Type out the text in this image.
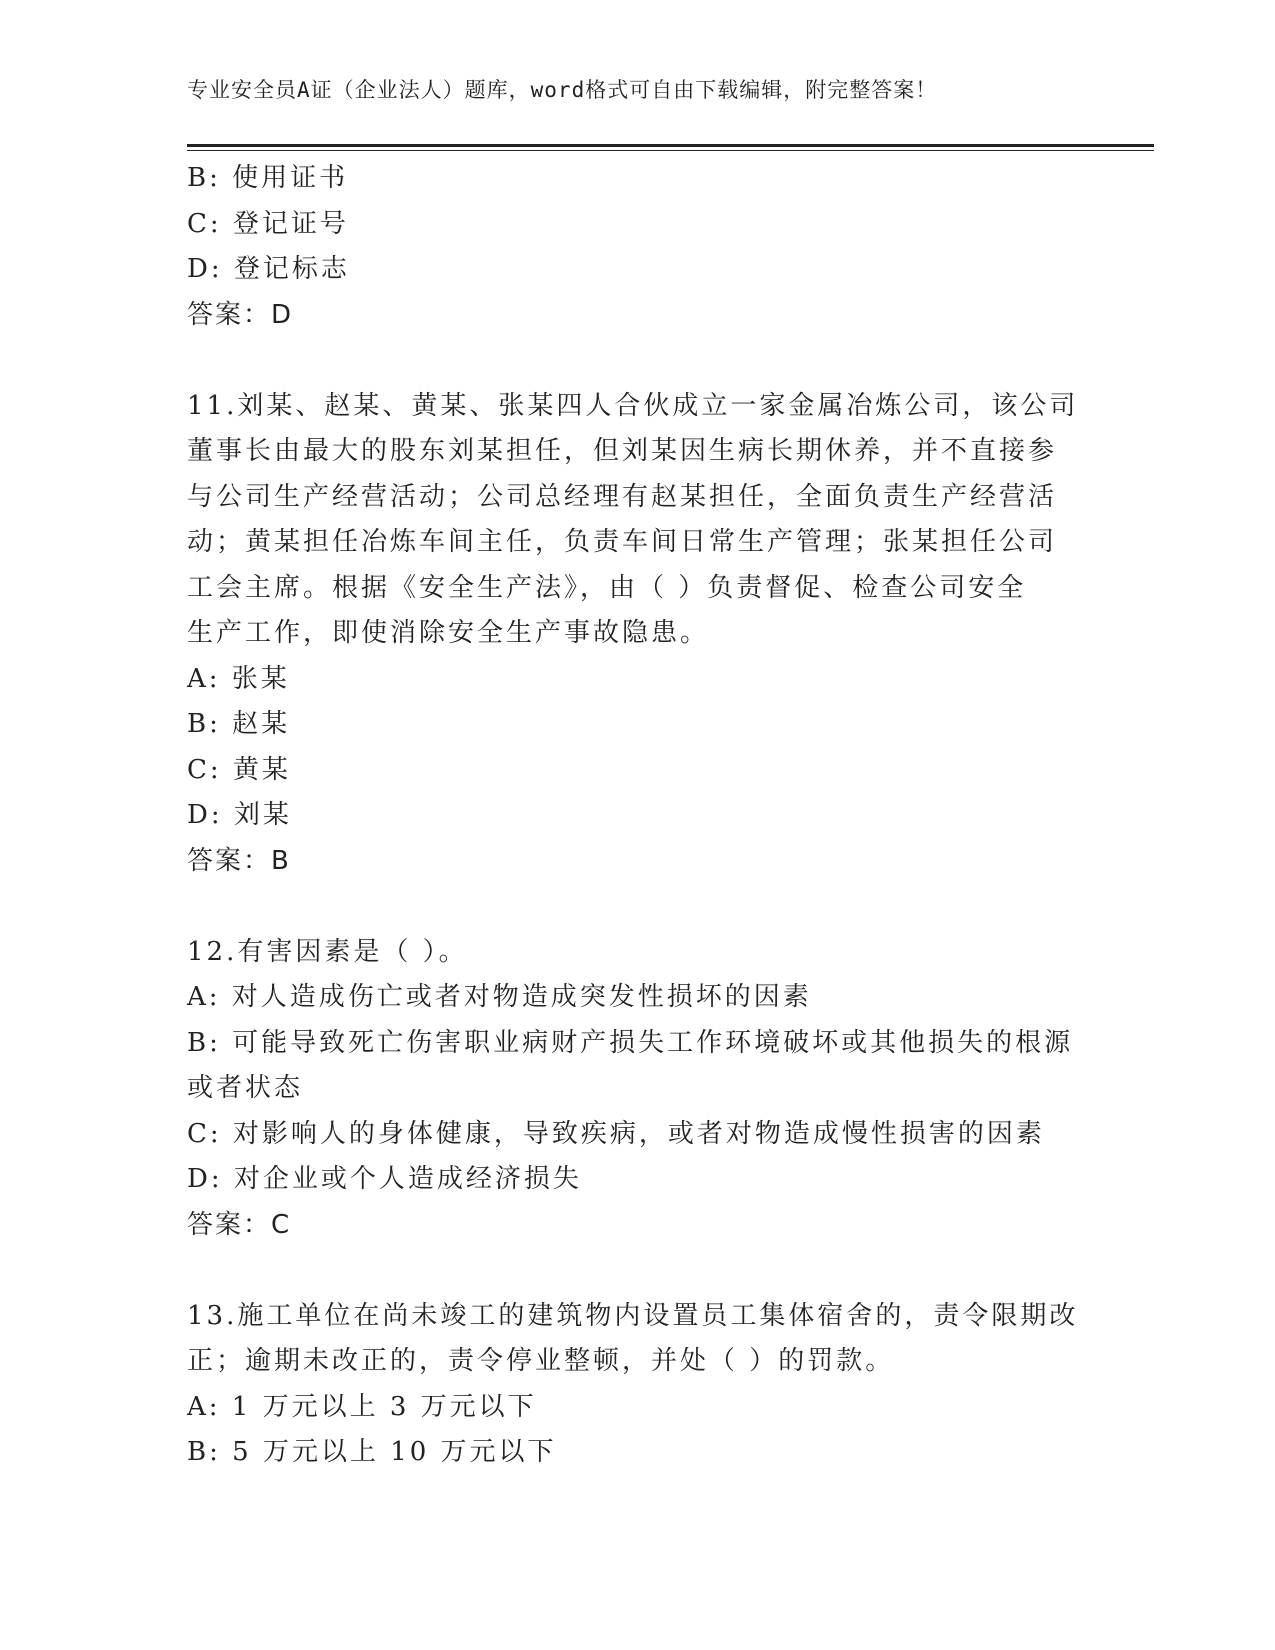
专业安全员A证（企业法人）题库，word格式可自由下载编辑，附完整答案！
B: 使用证书
C: 登记证号
D: 登记标志
答案：D
11.刘某、赵某、黄某、张某四人合伙成立一家金属冶炼公司，该公司
董事长由最大的股东刘某担任，但刘某因生病长期休养，并不直接参
与公司生产经营活动；公司总经理有赵某担任，全面负责生产经营活
动；黄某担任冶炼车间主任，负责车间日常生产管理；张某担任公司
工会主席。根据《安全生产法》，由（ ）负责督促、检查公司安全
生产工作，即使消除安全生产事故隐患。
A: 张某
B: 赵某
C: 黄某
D: 刘某
答案：B
12.有害因素是（ ）。
A: 对人造成伤亡或者对物造成突发性损坏的因素
B: 可能导致死亡伤害职业病财产损失工作环境破坏或其他损失的根源
或者状态
C: 对影响人的身体健康，导致疾病，或者对物造成慢性损害的因素
D: 对企业或个人造成经济损失
答案：C
13.施工单位在尚未竣工的建筑物内设置员工集体宿舍的，责令限期改
正；逾期未改正的，责令停业整顿，并处（ ）的罚款。
A: 1 万元以上 3 万元以下
B: 5 万元以上 10 万元以下
